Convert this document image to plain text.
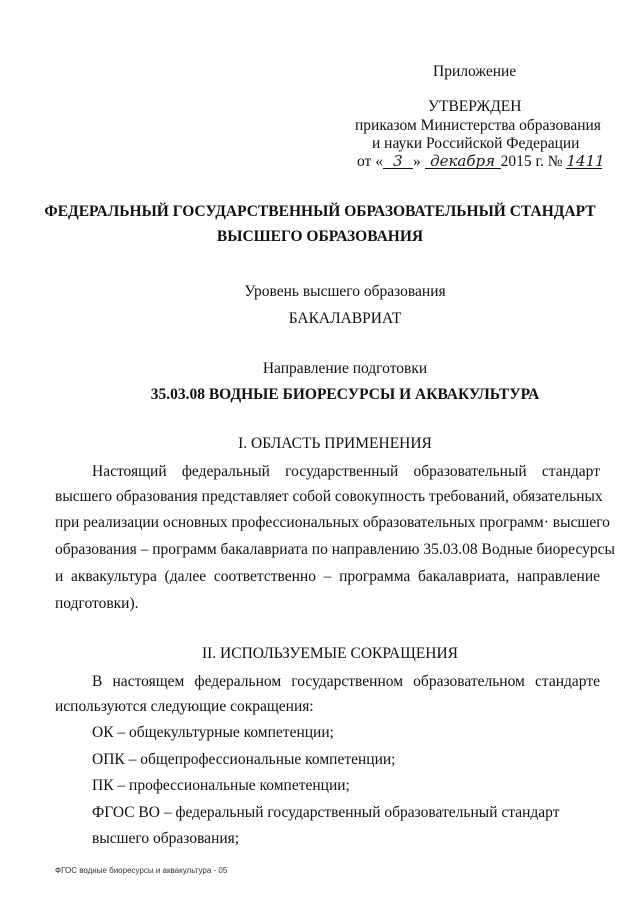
Приложение
УТВЕРЖДЕН
приказом Министерства образования
и науки Российской Федерации
от « 3 » декабря 2015 г. № 1411
ФЕДЕРАЛЬНЫЙ ГОСУДАРСТВЕННЫЙ ОБРАЗОВАТЕЛЬНЫЙ СТАНДАРТ
ВЫСШЕГО ОБРАЗОВАНИЯ
Уровень высшего образования
БАКАЛАВРИАТ
Направление подготовки
35.03.08 ВОДНЫЕ БИОРЕСУРСЫ И АКВАКУЛЬТУРА
I. ОБЛАСТЬ ПРИМЕНЕНИЯ
Настоящий федеральный государственный образовательный стандарт
высшего образования представляет собой совокупность требований, обязательных
при реализации основных профессиональных образовательных программ· высшего
образования – программ бакалавриата по направлению 35.03.08 Водные биоресурсы
и аквакультура (далее соответственно – программа бакалавриата, направление
подготовки).
II. ИСПОЛЬЗУЕМЫЕ СОКРАЩЕНИЯ
В настоящем федеральном государственном образовательном стандарте
используются следующие сокращения:
ОК – общекультурные компетенции;
ОПК – общепрофессиональные компетенции;
ПК – профессиональные компетенции;
ФГОС ВО – федеральный государственный образовательный стандарт
высшего образования;
ФГОС водные биоресурсы и аквакультура - 05
